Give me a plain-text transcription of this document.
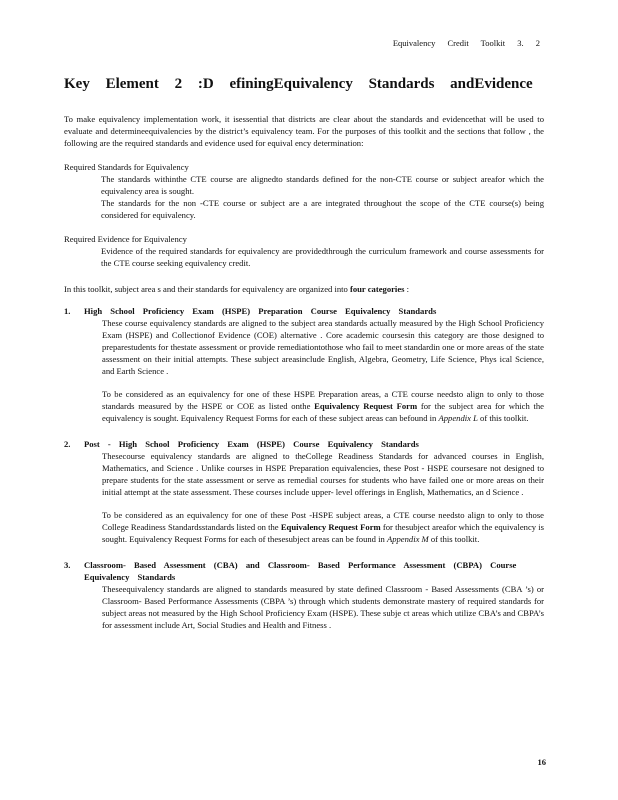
Equivalency Credit Toolkit 3. 2
Key Element 2 :D efiningEquivalency Standards andEvidence

To make equivalency implementation work, it isessential that districts are clear about the standards and evidencethat will be used to evaluate and determineequivalencies by the district’s equivalency team. For the purposes of this toolkit and the sections that follow , the following are the required standards and evidence used for equival ency determination:

Required Standards for Equivalency
The standards withinthe CTE course are alignedto standards defined for the non-CTE course or subject areafor which the equivalency area is sought.
The standards for the non -CTE course or subject are a are integrated throughout the scope of the CTE course(s) being considered for equivalency.
Required Evidence for Equivalency
Evidence of the required standards for equivalency are providedthrough the curriculum framework and course assessments for the CTE course seeking equivalency credit.

In this toolkit, subject area s and their standards for equivalency are organized into four categories :

1. High School Proficiency Exam (HSPE) Preparation Course Equivalency Standards

These course equivalency standards are aligned to the subject area standards actually measured by the High School Proficiency Exam (HSPE) and Collectionof Evidence (COE) alternative . Core academic coursesin this category are those designed to preparestudents for thestate assessment or provide remediationtothose who fail to meet standardin one or more areas of the state assessment on their initial attempts. These subject areasinclude English, Algebra, Geometry, Life Science, Phys ical Science, and Earth Science .

To be considered as an equivalency for one of these HSPE Preparation areas, a CTE course needsto align to only to those standards measured by the HSPE or COE as listed onthe Equivalency Request Form for the subject area for which the equivalency is sought. Equivalency Request Forms for each of these subject areas can befound in Appendix L of this toolkit.

2. Post - High School Proficiency Exam (HSPE) Course Equivalency Standards

Thesecourse equivalency standards are aligned to theCollege Readiness Standards for advanced courses in English, Mathematics, and Science . Unlike courses in HSPE Preparation equivalencies, these Post - HSPE coursesare not designed to prepare students for the state assessment or serve as remedial courses for students who have failed one or more areas on their initial attempt at the state assessment. These courses include upper- level offerings in English, Mathematics, an d Science .

To be considered as an equivalency for one of these Post -HSPE subject areas, a CTE course needsto align to only to those College Readiness Standardsstandards listed on the Equivalency Request Form for thesubject areafor which the equivalency is sought. Equivalency Request Forms for each of thesesubject areas can be found in Appendix M of this toolkit.

3. Classroom- Based Assessment (CBA) and Classroom- Based Performance Assessment (CBPA) Course Equivalency Standards

Theseequivalency standards are aligned to standards measured by state defined Classroom - Based Assessments (CBA ’s) or Classroom- Based Performance Assessments (CBPA ’s) through which students demonstrate mastery of required standards for subject areas not measured by the High School Proficiency Exam (HSPE). These subje ct areas which utilize CBA’s and CBPA’s for assessment include Art, Social Studies and Health and Fitness .

16
